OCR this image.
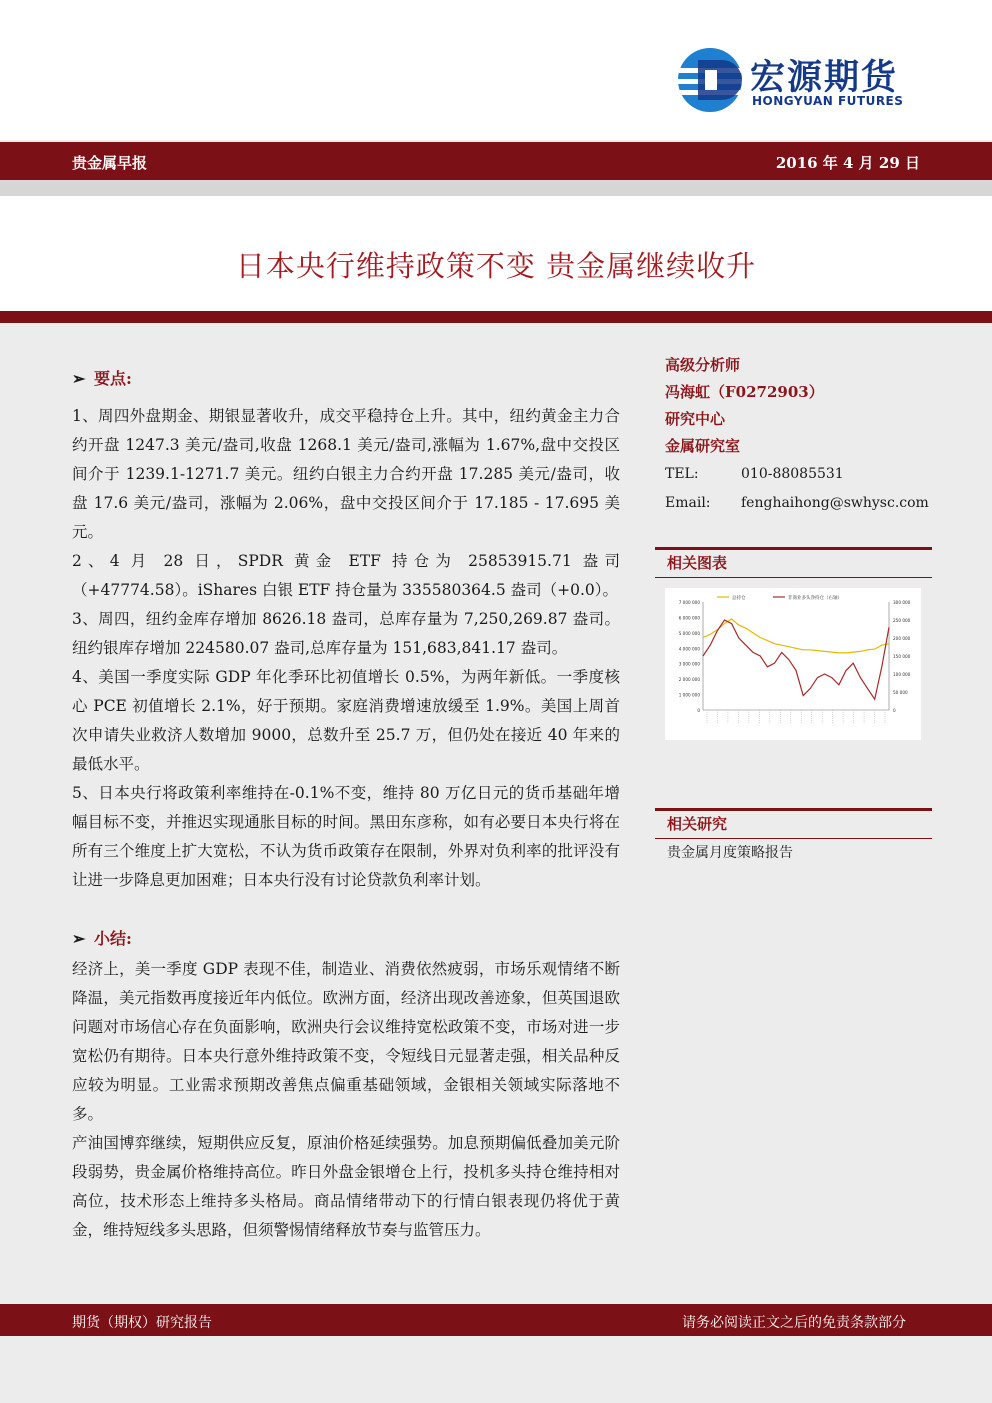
宏源期货
HONGYUAN FUTURES
贵金属早报	2016 年 4 月 29 日
日本央行维持政策不变 贵金属继续收升
➢ 要点:

1、周四外盘期金、期银显著收升，成交平稳持仓上升。其中，纽约黄金主力合约开盘 1247.3 美元/盎司,收盘 1268.1 美元/盎司,涨幅为 1.67%,盘中交投区间介于 1239.1-1271.7 美元。纽约白银主力合约开盘 17.285 美元/盎司，收盘 17.6 美元/盎司，涨幅为 2.06%，盘中交投区间介于 17.185 - 17.695 美元。

2、4 月 28 日，SPDR 黄金 ETF 持仓为 25853915.71 盎司（+47774.58）。iShares 白银 ETF 持仓量为 335580364.5 盎司（+0.0）。

3、周四，纽约金库存增加 8626.18 盎司，总库存量为 7,250,269.87 盎司。纽约银库存增加 224580.07 盎司,总库存量为 151,683,841.17 盎司。

4、美国一季度实际 GDP 年化季环比初值增长 0.5%，为两年新低。一季度核心 PCE 初值增长 2.1%，好于预期。家庭消费增速放缓至 1.9%。美国上周首次申请失业救济人数增加 9000，总数升至 25.7 万，但仍处在接近 40 年来的最低水平。

5、日本央行将政策利率维持在-0.1%不变，维持 80 万亿日元的货币基础年增幅目标不变，并推迟实现通胀目标的时间。黑田东彦称，如有必要日本央行将在所有三个维度上扩大宽松，不认为货币政策存在限制，外界对负利率的批评没有让进一步降息更加困难；日本央行没有讨论贷款负利率计划。

➢ 小结:

经济上，美一季度 GDP 表现不佳，制造业、消费依然疲弱，市场乐观情绪不断降温，美元指数再度接近年内低位。欧洲方面，经济出现改善迹象，但英国退欧问题对市场信心存在负面影响，欧洲央行会议维持宽松政策不变，市场对进一步宽松仍有期待。日本央行意外维持政策不变，令短线日元显著走强，相关品种反应较为明显。工业需求预期改善焦点偏重基础领域，金银相关领域实际落地不多。

产油国博弈继续，短期供应反复，原油价格延续强势。加息预期偏低叠加美元阶段弱势，贵金属价格维持高位。昨日外盘金银增仓上行，投机多头持仓维持相对高位，技术形态上维持多头格局。商品情绪带动下的行情白银表现仍将优于黄金，维持短线多头思路，但须警惕情绪释放节奏与监管压力。

高级分析师
冯海虹（F0272903）
研究中心
金属研究室
TEL:	010-88085531
Email: fenghaihong@swhysc.com
相关图表
7 000 000
6 000 000
5 000 000
4 000 000
3 000 000
2 000 000
1 000 000
0
300 000
250 000
200 000
150 000
100 000
50 000
0
总持仓	非商业多头净持仓（右轴）
相关研究
贵金属月度策略报告
期货（期权）研究报告	请务必阅读正文之后的免责条款部分
